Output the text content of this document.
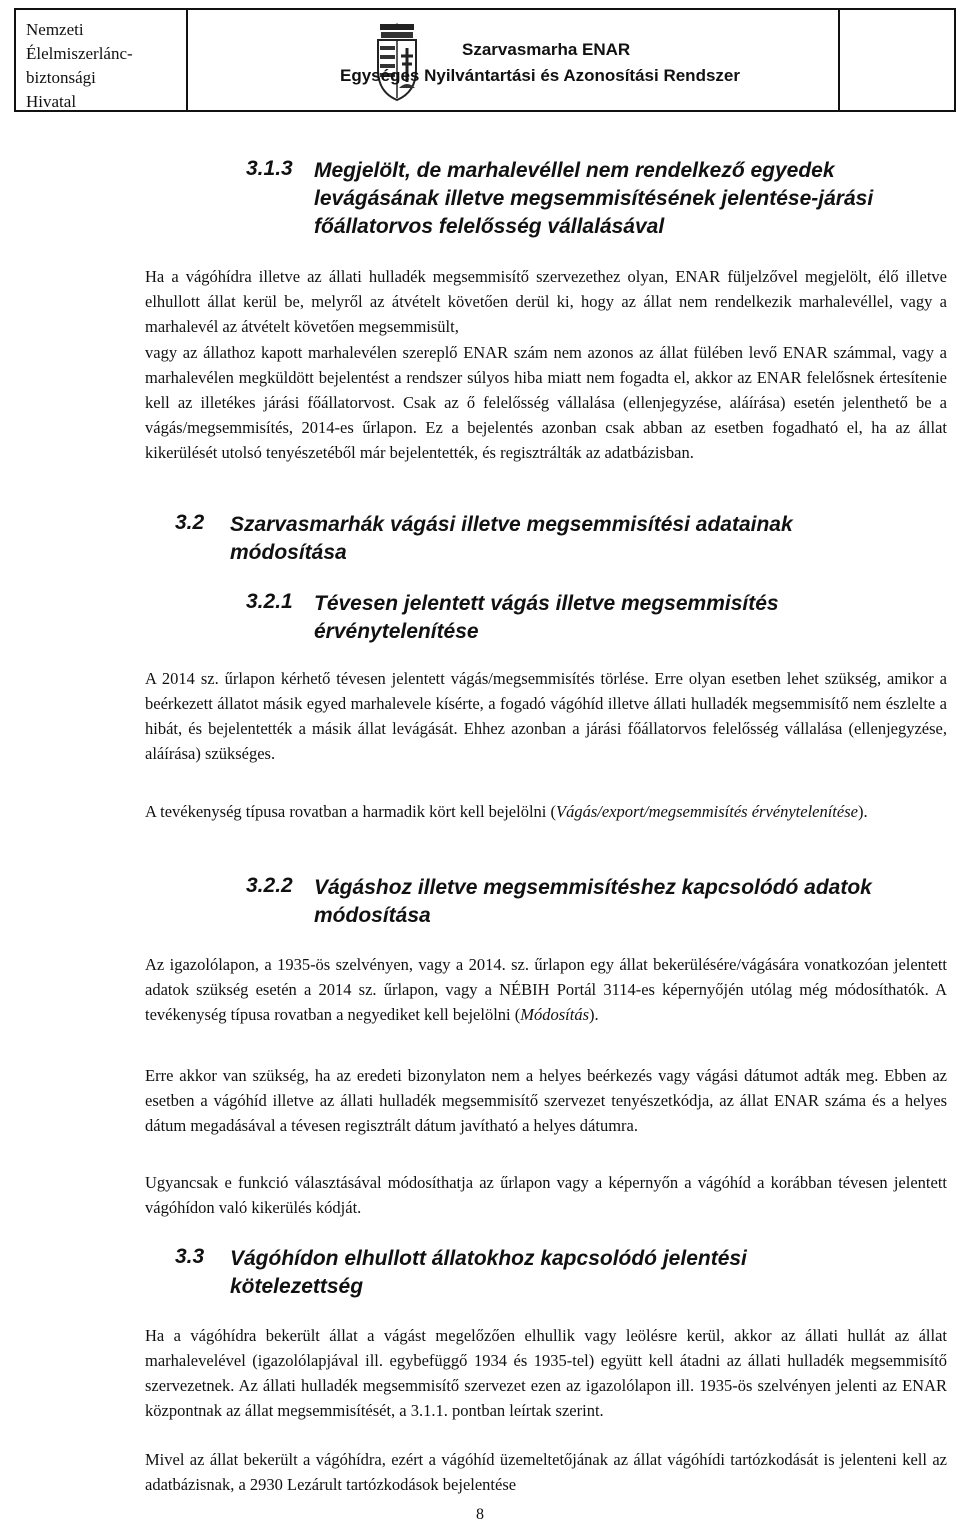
Nemzeti
Élelmiszerlánc-
biztonsági
Hivatal
Szarvasmarha ENAR
Egységes Nyilvántartási és Azonosítási Rendszer
3.1.3 Megjelölt, de marhalevéllel nem rendelkező egyedek
levágásának illetve megsemmisítésének jelentése-járási
főállatorvos felelősség vállalásával

Ha a vágóhídra illetve az állati hulladék megsemmisítő szervezethez olyan, ENAR füljelzővel megjelölt, élő illetve elhullott állat kerül be, melyről az átvételt követően derül ki, hogy az állat nem rendelkezik marhalevéllel, vagy a marhalevél az átvételt követően megsemmisült,

vagy az állathoz kapott marhalevélen szereplő ENAR szám nem azonos az állat fülében levő ENAR számmal, vagy a marhalevélen megküldött bejelentést a rendszer súlyos hiba miatt nem fogadta el, akkor az ENAR felelősnek értesítenie kell az illetékes járási főállatorvost. Csak az ő felelősség vállalása (ellenjegyzése, aláírása) esetén jelenthető be a vágás/megsemmisítés, 2014-es űrlapon. Ez a bejelentés azonban csak abban az esetben fogadható el, ha az állat kikerülését utolsó tenyészetéből már bejelentették, és regisztrálták az adatbázisban.

3.2 Szarvasmarhák vágási illetve megsemmisítési adatainak
módosítása
3.2.1 Tévesen jelentett vágás illetve megsemmisítés
érvénytelenítése

A 2014 sz. űrlapon kérhető tévesen jelentett vágás/megsemmisítés törlése. Erre olyan esetben lehet szükség, amikor a beérkezett állatot másik egyed marhalevele kísérte, a fogadó vágóhíd illetve állati hulladék megsemmisítő nem észlelte a hibát, és bejelentették a másik állat levágását. Ehhez azonban a járási főállatorvos felelősség vállalása (ellenjegyzése, aláírása) szükséges.

A tevékenység típusa rovatban a harmadik kört kell bejelölni (Vágás/export/megsemmisítés érvénytelenítése).

3.2.2 Vágáshoz illetve megsemmisítéshez kapcsolódó adatok
módosítása

Az igazolólapon, a 1935-ös szelvényen, vagy a 2014. sz. űrlapon egy állat bekerülésére/vágására vonatkozóan jelentett adatok szükség esetén a 2014 sz. űrlapon, vagy a NÉBIH Portál 3114-es képernyőjén utólag még módosíthatók. A tevékenység típusa rovatban a negyediket kell bejelölni (Módosítás).

Erre akkor van szükség, ha az eredeti bizonylaton nem a helyes beérkezés vagy vágási dátumot adták meg. Ebben az esetben a vágóhíd illetve az állati hulladék megsemmisítő szervezet tenyészetkódja, az állat ENAR száma és a helyes dátum megadásával a tévesen regisztrált dátum javítható a helyes dátumra.

Ugyancsak e funkció választásával módosíthatja az űrlapon vagy a képernyőn a vágóhíd a korábban tévesen jelentett vágóhídon való kikerülés kódját.

3.3 Vágóhídon elhullott állatokhoz kapcsolódó jelentési
kötelezettség

Ha a vágóhídra bekerült állat a vágást megelőzően elhullik vagy leölésre kerül, akkor az állati hullát az állat marhalevelével (igazolólapjával ill. egybefüggő 1934 és 1935-tel) együtt kell átadni az állati hulladék megsemmisítő szervezetnek. Az állati hulladék megsemmisítő szervezet ezen az igazolólapon ill. 1935-ös szelvényen jelenti az ENAR központnak az állat megsemmisítését, a 3.1.1. pontban leírtak szerint.

Mivel az állat bekerült a vágóhídra, ezért a vágóhíd üzemeltetőjának az állat vágóhídi tartózkodását is jelenteni kell az adatbázisnak, a 2930 Lezárult tartózkodások bejelentése

8
